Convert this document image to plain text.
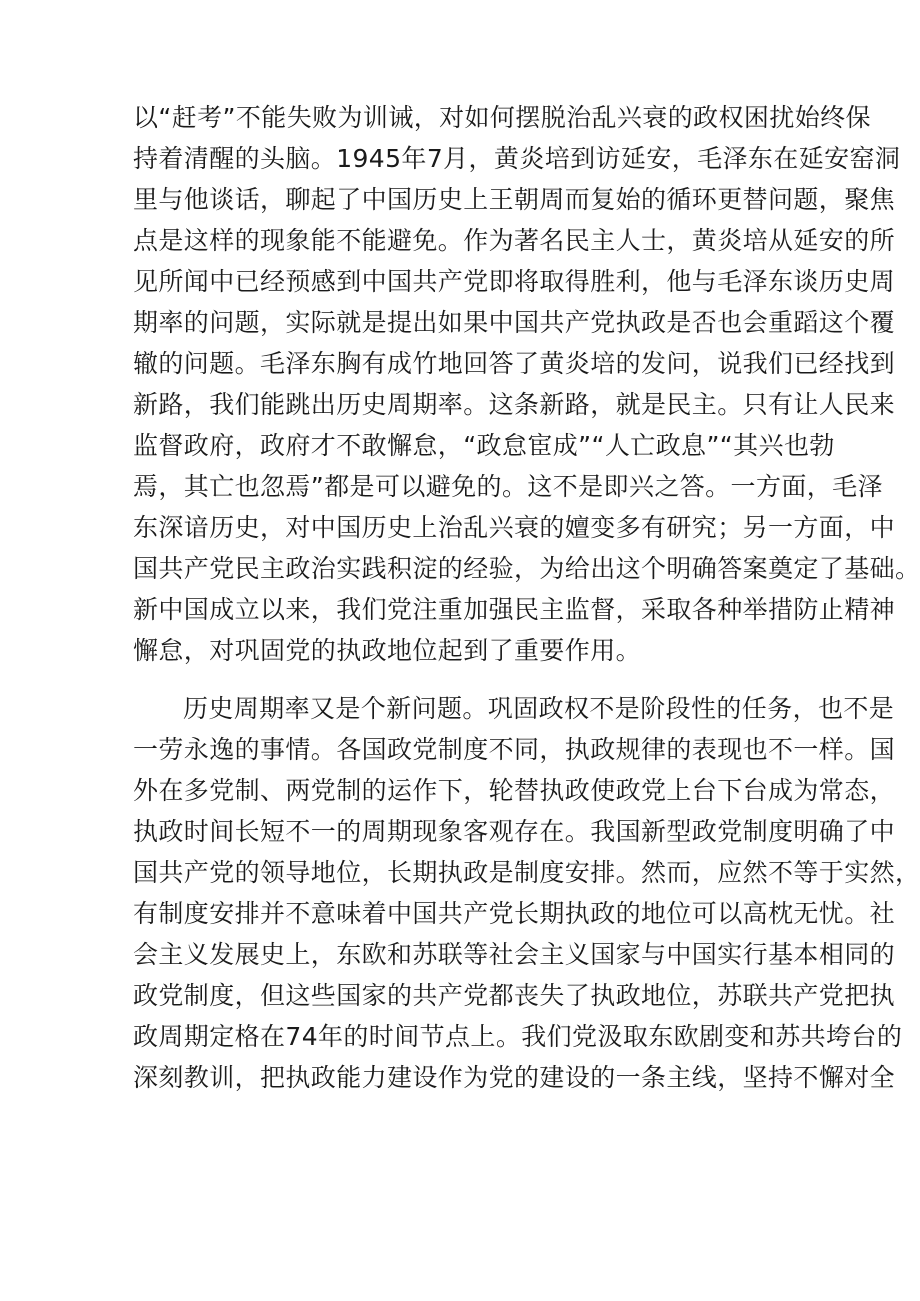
以“赶考”不能失败为训诫，对如何摆脱治乱兴衰的政权困扰始终保
持着清醒的头脑。1945年7月，黄炎培到访延安，毛泽东在延安窑洞
里与他谈话，聊起了中国历史上王朝周而复始的循环更替问题，聚焦
点是这样的现象能不能避免。作为著名民主人士，黄炎培从延安的所
见所闻中已经预感到中国共产党即将取得胜利，他与毛泽东谈历史周
期率的问题，实际就是提出如果中国共产党执政是否也会重蹈这个覆
辙的问题。毛泽东胸有成竹地回答了黄炎培的发问，说我们已经找到
新路，我们能跳出历史周期率。这条新路，就是民主。只有让人民来
监督政府，政府才不敢懈怠，“政怠宦成”“人亡政息”“其兴也勃
焉，其亡也忽焉”都是可以避免的。这不是即兴之答。一方面，毛泽
东深谙历史，对中国历史上治乱兴衰的嬗变多有研究；另一方面，中
国共产党民主政治实践积淀的经验，为给出这个明确答案奠定了基础。
新中国成立以来，我们党注重加强民主监督，采取各种举措防止精神
懈怠，对巩固党的执政地位起到了重要作用。
历史周期率又是个新问题。巩固政权不是阶段性的任务，也不是
一劳永逸的事情。各国政党制度不同，执政规律的表现也不一样。国
外在多党制、两党制的运作下，轮替执政使政党上台下台成为常态，
执政时间长短不一的周期现象客观存在。我国新型政党制度明确了中
国共产党的领导地位，长期执政是制度安排。然而，应然不等于实然，
有制度安排并不意味着中国共产党长期执政的地位可以高枕无忧。社
会主义发展史上，东欧和苏联等社会主义国家与中国实行基本相同的
政党制度，但这些国家的共产党都丧失了执政地位，苏联共产党把执
政周期定格在74年的时间节点上。我们党汲取东欧剧变和苏共垮台的
深刻教训，把执政能力建设作为党的建设的一条主线，坚持不懈对全
